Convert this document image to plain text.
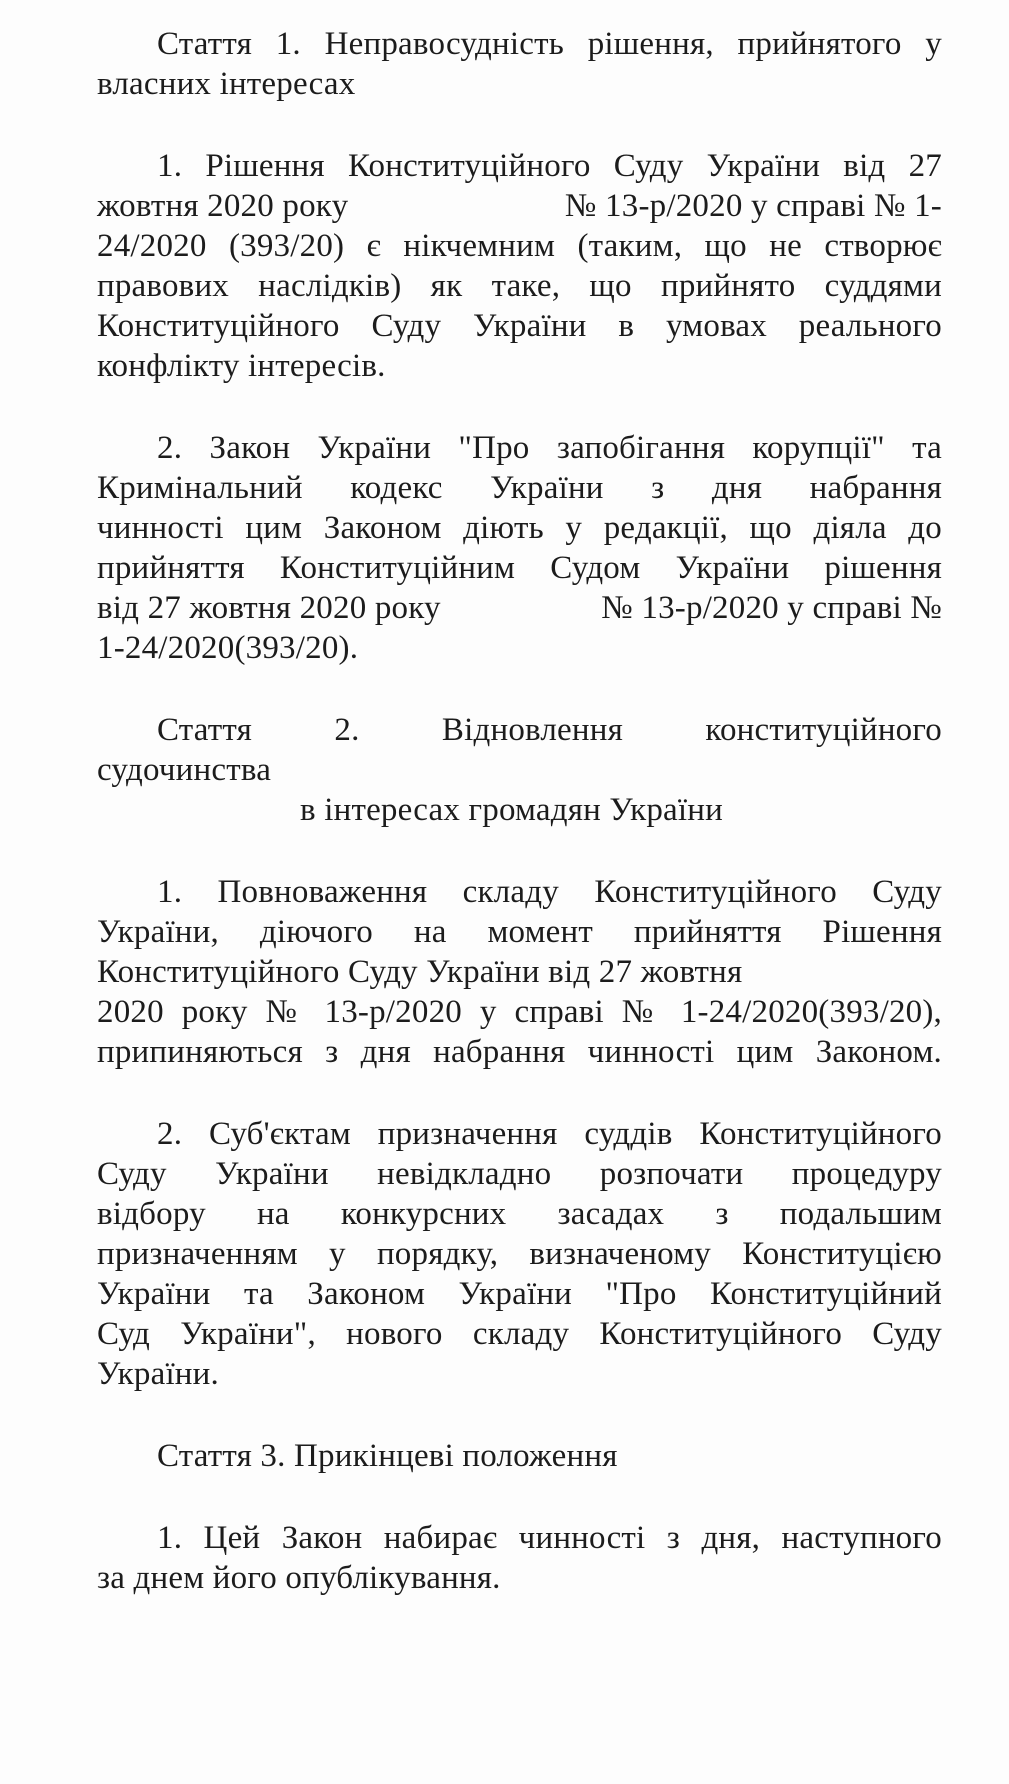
Стаття 1. Неправосудність рішення, прийнятого у
власних інтересах
1. Рішення Конституційного Суду України від 27
жовтня 2020 року	№ 13-р/2020 у справі № 1-
24/2020 (393/20) є нікчемним (таким, що не створює
правових наслідків) як таке, що прийнято суддями
Конституційного Суду України в умовах реального
конфлікту інтересів.
2. Закон України "Про запобігання корупції" та
Кримінальний кодекс України з дня набрання
чинності цим Законом діють у редакції, що діяла до
прийняття Конституційним Судом України рішення
від 27 жовтня 2020 року	№ 13-р/2020 у справі №
1-24/2020(393/20).
Стаття 2. Відновлення конституційного
судочинства
в інтересах громадян України
1. Повноваження складу Конституційного Суду
України, діючого на момент прийняття Рішення
Конституційного Суду України від 27 жовтня
2020 року № 13-р/2020 у справі № 1-24/2020(393/20),
припиняються з дня набрання чинності цим Законом.
2. Суб'єктам призначення суддів Конституційного
Суду України невідкладно розпочати процедуру
відбору на конкурсних засадах з подальшим
призначенням у порядку, визначеному Конституцією
України та Законом України "Про Конституційний
Суд України", нового складу Конституційного Суду
України.
Стаття 3. Прикінцеві положення
1. Цей Закон набирає чинності з дня, наступного
за днем його опублікування.
